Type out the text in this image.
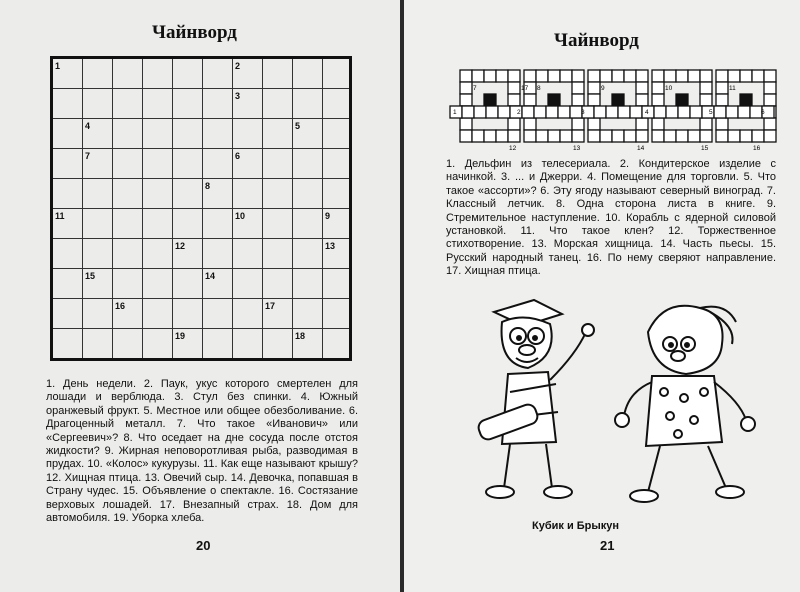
Чайнворд
1	2
3
4	5
7	6
8
11	10	9
12	13
15	14
16	17
19	18
1. День недели. 2. Паук, укус которого смертелен для лошади и верблюда. 3. Стул без спинки. 4. Южный оранжевый фрукт. 5. Местное или общее обезболивание. 6. Драгоценный металл. 7. Что такое «Иванович» или «Сергеевич»? 8. Что оседает на дне сосуда после отстоя жидкости? 9. Жирная неповоротливая рыба, разводимая в прудах. 10. «Колос» кукурузы. 11. Как еще называют крышу? 12. Хищная птица. 13. Овечий сыр. 14. Девочка, попавшая в Страну чудес. 15. Объявление о спектакле. 16. Состязание верховых лошадей. 17. Внезапный страх. 18. Дом для автомобиля. 19. Уборка хлеба.
20
Чайнворд
1	2	3	4	5	6
7	8	9	10	11
12	13	14	15	16
17
1. Дельфин из телесериала. 2. Кондитерское изделие с начинкой. 3. ... и Джерри. 4. Помещение для торговли. 5. Что такое «ассорти»? 6. Эту ягоду называют северный виноград. 7. Классный летчик. 8. Одна сторона листа в книге. 9. Стремительное наступление. 10. Корабль с ядерной силовой установкой. 11. Что такое клен? 12. Торжественное стихотворение. 13. Морская хищница. 14. Часть пьесы. 15. Русский народный танец. 16. По нему сверяют направление. 17. Хищная птица.
Кубик и Брыкун
21
